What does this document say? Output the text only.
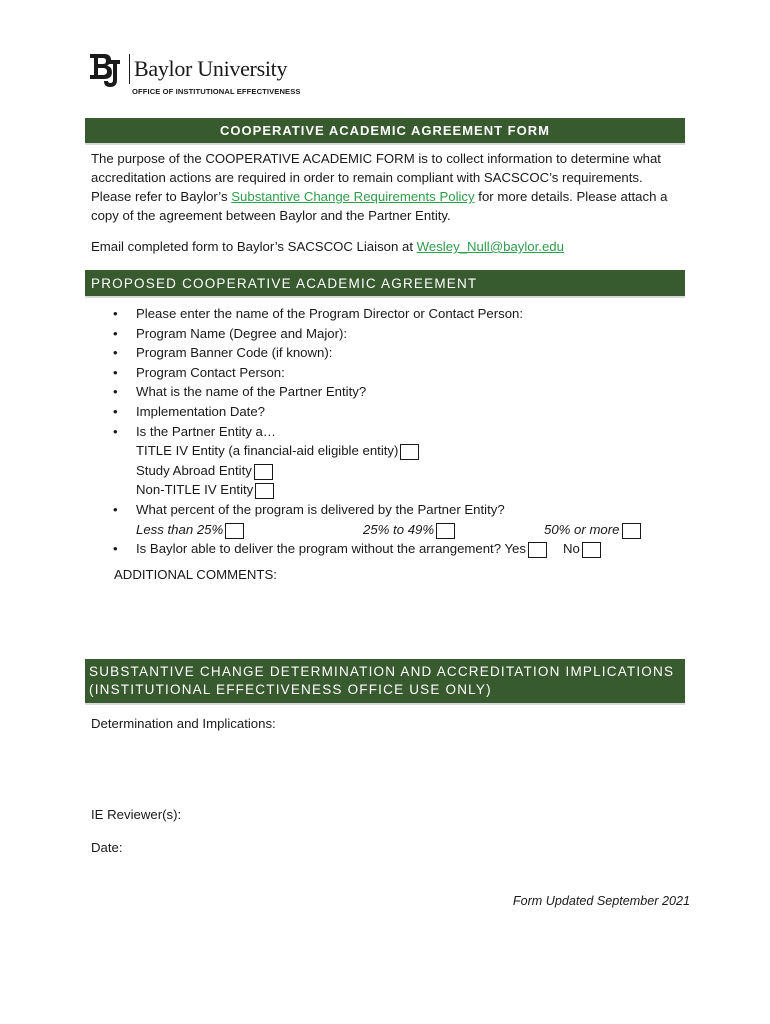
Baylor University
OFFICE OF INSTITUTIONAL EFFECTIVENESS
COOPERATIVE ACADEMIC AGREEMENT FORM
The purpose of the COOPERATIVE ACADEMIC FORM is to collect information to determine what accreditation actions are required in order to remain compliant with SACSCOC’s requirements. Please refer to Baylor’s Substantive Change Requirements Policy for more details. Please attach a copy of the agreement between Baylor and the Partner Entity.
Email completed form to Baylor’s SACSCOC Liaison at Wesley_Null@baylor.edu
PROPOSED COOPERATIVE ACADEMIC AGREEMENT
•	Please enter the name of the Program Director or Contact Person:
•	Program Name (Degree and Major):
•	Program Banner Code (if known):
•	Program Contact Person:
•	What is the name of the Partner Entity?
•	Implementation Date?
•	Is the Partner Entity a…
TITLE IV Entity (a financial-aid eligible entity)
Study Abroad Entity
Non-TITLE IV Entity
•	What percent of the program is delivered by the Partner Entity?
Less than 25%	25% to 49%	50% or more
•	Is Baylor able to deliver the program without the arrangement? Yes	No
ADDITIONAL COMMENTS:
SUBSTANTIVE CHANGE DETERMINATION AND ACCREDITATION IMPLICATIONS
(INSTITUTIONAL EFFECTIVENESS OFFICE USE ONLY)
Determination and Implications:
IE Reviewer(s):
Date:
Form Updated September 2021
